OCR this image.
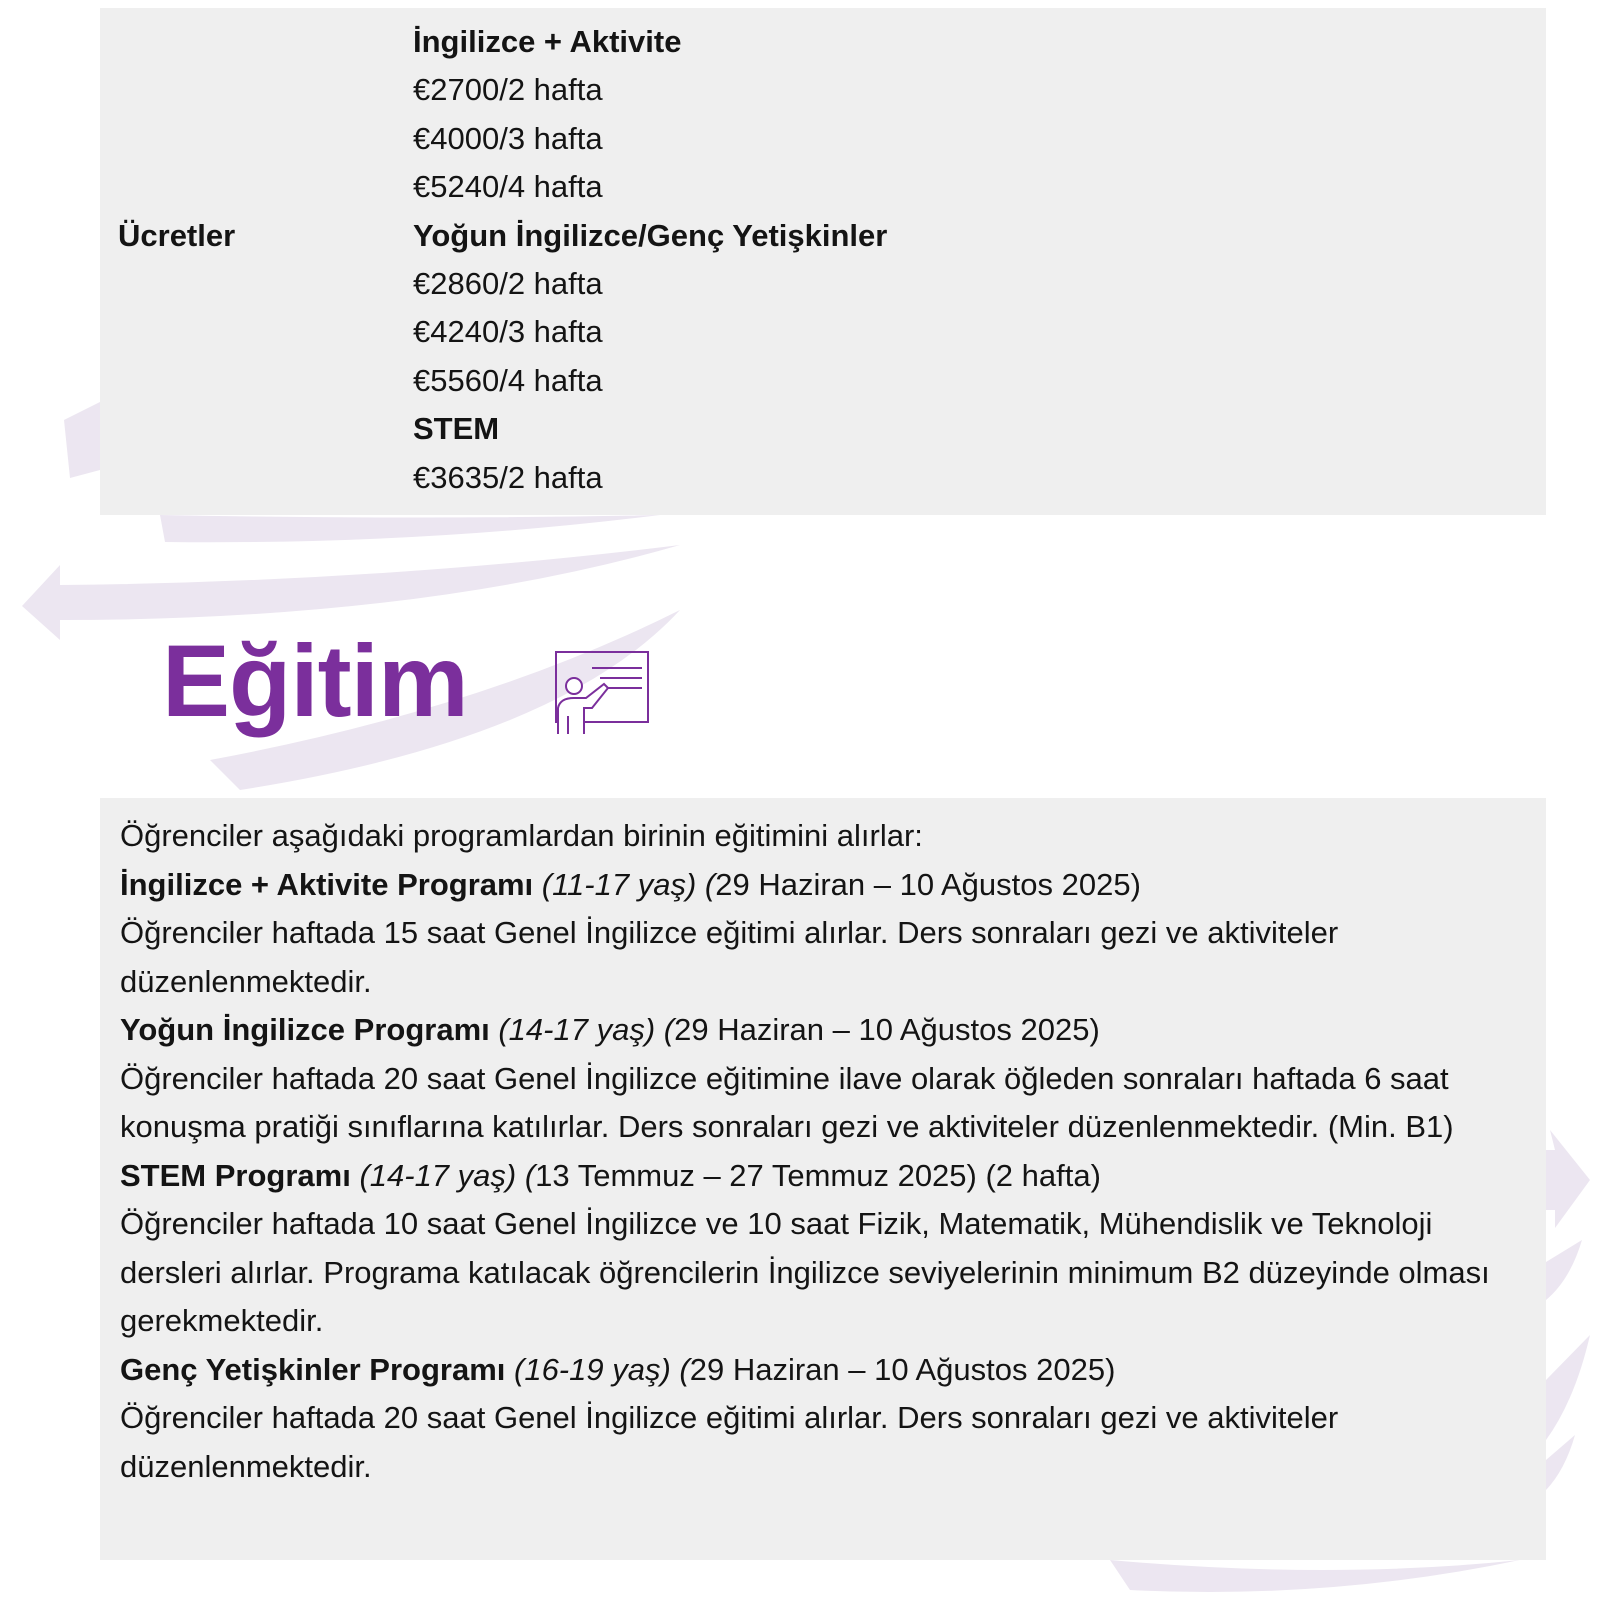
Ücretler
İngilizce + Aktivite
€2700/2 hafta
€4000/3 hafta
€5240/4 hafta
Yoğun İngilizce/Genç Yetişkinler
€2860/2 hafta
€4240/3 hafta
€5560/4 hafta
STEM
€3635/2 hafta
Eğitim

Öğrenciler aşağıdaki programlardan birinin eğitimini alırlar:

İngilizce + Aktivite Programı (11-17 yaş) (29 Haziran – 10 Ağustos 2025)

Öğrenciler haftada 15 saat Genel İngilizce eğitimi alırlar. Ders sonraları gezi ve aktiviteler düzenlenmektedir.

Yoğun İngilizce Programı (14-17 yaş) (29 Haziran – 10 Ağustos 2025)

Öğrenciler haftada 20 saat Genel İngilizce eğitimine ilave olarak öğleden sonraları haftada 6 saat konuşma pratiği sınıflarına katılırlar. Ders sonraları gezi ve aktiviteler düzenlenmektedir. (Min. B1)

STEM Programı (14-17 yaş) (13 Temmuz – 27 Temmuz 2025) (2 hafta)

Öğrenciler haftada 10 saat Genel İngilizce ve 10 saat Fizik, Matematik, Mühendislik ve Teknoloji dersleri alırlar. Programa katılacak öğrencilerin İngilizce seviyelerinin minimum B2 düzeyinde olması gerekmektedir.

Genç Yetişkinler Programı (16-19 yaş) (29 Haziran – 10 Ağustos 2025)

Öğrenciler haftada 20 saat Genel İngilizce eğitimi alırlar. Ders sonraları gezi ve aktiviteler düzenlenmektedir.
